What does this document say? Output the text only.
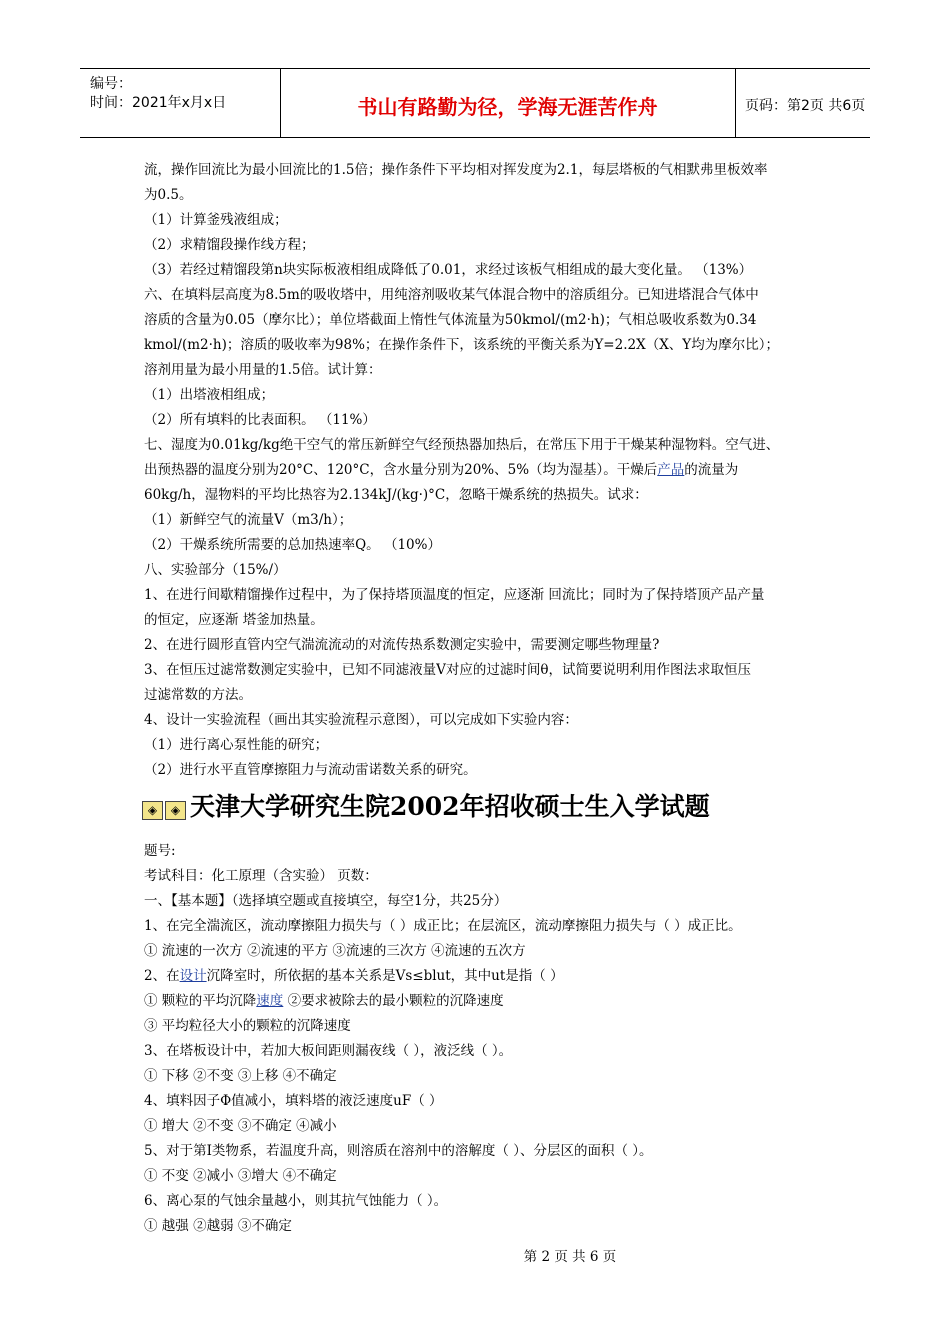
编号：
时间：2021年x月x日	书山有路勤为径，学海无涯苦作舟	页码：第2页 共6页
流，操作回流比为最小回流比的1.5倍；操作条件下平均相对挥发度为2.1，每层塔板的气相默弗里板效率
为0.5。
（1）计算釜残液组成；
（2）求精馏段操作线方程；
（3）若经过精馏段第n块实际板液相组成降低了0.01，求经过该板气相组成的最大变化量。 （13%）
六、在填料层高度为8.5m的吸收塔中，用纯溶剂吸收某气体混合物中的溶质组分。已知进塔混合气体中
溶质的含量为0.05（摩尔比）；单位塔截面上惰性气体流量为50kmol/(m2·h)；气相总吸收系数为0.34
kmol/(m2·h)；溶质的吸收率为98%；在操作条件下，该系统的平衡关系为Y=2.2X（X、Y均为摩尔比）；
溶剂用量为最小用量的1.5倍。试计算：
（1）出塔液相组成；
（2）所有填料的比表面积。 （11%）
七、湿度为0.01kg/kg绝干空气的常压新鲜空气经预热器加热后，在常压下用于干燥某种湿物料。空气进、
出预热器的温度分别为20°C、120°C，含水量分别为20%、5%（均为湿基）。干燥后产品的流量为
60kg/h，湿物料的平均比热容为2.134kJ/(kg·)°C，忽略干燥系统的热损失。试求：
（1）新鲜空气的流量V（m3/h）；
（2）干燥系统所需要的总加热速率Q。 （10%）
八、实验部分（15%/）
1、在进行间歇精馏操作过程中，为了保持塔顶温度的恒定，应逐渐 回流比；同时为了保持塔顶产品产量
的恒定，应逐渐 塔釜加热量。
2、在进行圆形直管内空气湍流流动的对流传热系数测定实验中，需要测定哪些物理量?
3、在恒压过滤常数测定实验中，已知不同滤液量V对应的过滤时间θ，试简要说明利用作图法求取恒压
过滤常数的方法。
4、设计一实验流程（画出其实验流程示意图），可以完成如下实验内容：
（1）进行离心泵性能的研究；
（2）进行水平直管摩擦阻力与流动雷诺数关系的研究。
◈ ◈ 天津大学研究生院2002年招收硕士生入学试题
题号:
考试科目：化工原理（含实验） 页数：
一、【基本题】（选择填空题或直接填空，每空1分，共25分）
1、在完全湍流区，流动摩擦阻力损失与（ ）成正比；在层流区，流动摩擦阻力损失与（ ）成正比。
① 流速的一次方 ②流速的平方 ③流速的三次方 ④流速的五次方
2、在设计沉降室时，所依据的基本关系是Vs≤blut，其中ut是指（ ）
① 颗粒的平均沉降速度 ②要求被除去的最小颗粒的沉降速度
③ 平均粒径大小的颗粒的沉降速度
3、在塔板设计中，若加大板间距则漏夜线（ ），液泛线（ ）。
① 下移 ②不变 ③上移 ④不确定
4、填料因子Φ值减小，填料塔的液泛速度uF（ ）
① 增大 ②不变 ③不确定 ④减小
5、对于第I类物系，若温度升高，则溶质在溶剂中的溶解度（ ）、分层区的面积（ ）。
① 不变 ②减小 ③增大 ④不确定
6、离心泵的气蚀余量越小，则其抗气蚀能力（ ）。
① 越强 ②越弱 ③不确定
第 2 页 共 6 页
